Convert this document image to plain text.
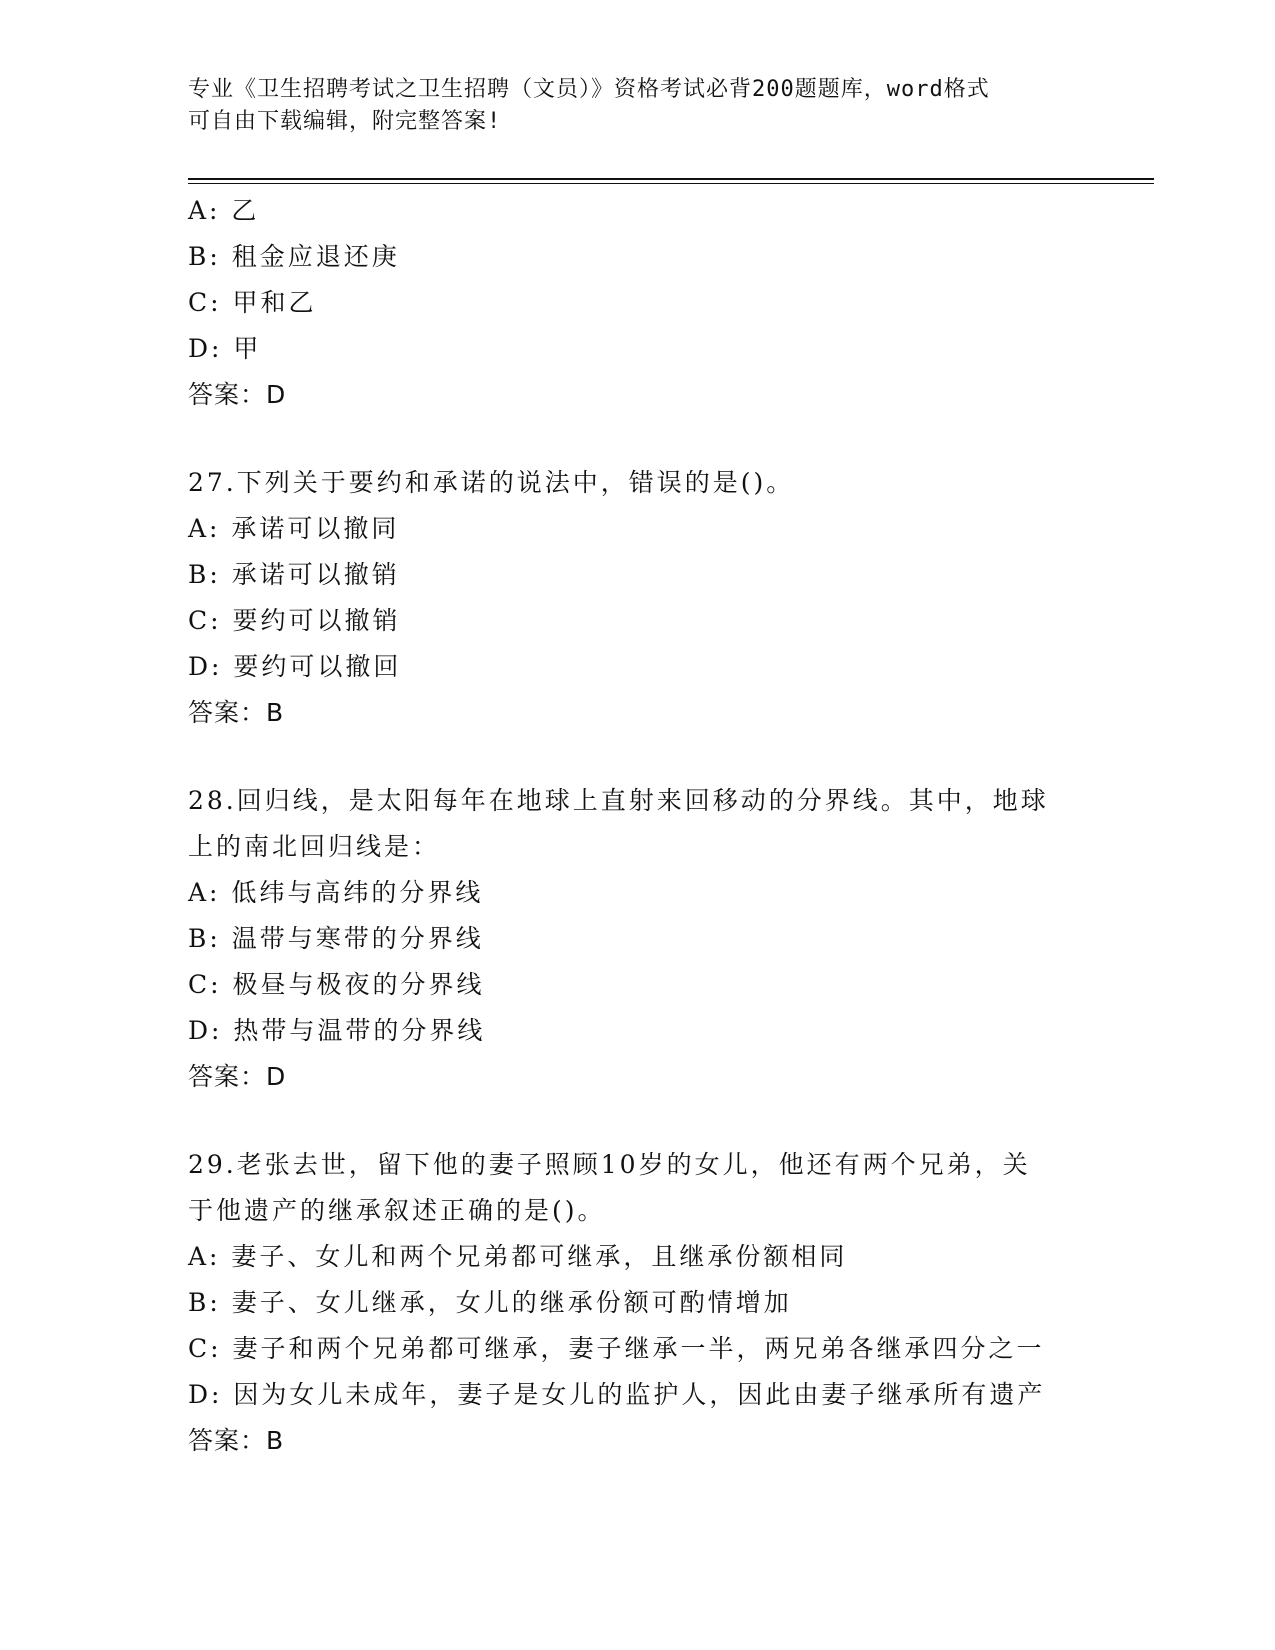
专业《卫生招聘考试之卫生招聘（文员）》资格考试必背200题题库，word格式
可自由下载编辑，附完整答案!
A: 乙
B: 租金应退还庚
C: 甲和乙
D: 甲
答案：D
27.下列关于要约和承诺的说法中，错误的是()。
A: 承诺可以撤同
B: 承诺可以撤销
C: 要约可以撤销
D: 要约可以撤回
答案：B
28.回归线，是太阳每年在地球上直射来回移动的分界线。其中，地球
上的南北回归线是：
A: 低纬与高纬的分界线
B: 温带与寒带的分界线
C: 极昼与极夜的分界线
D: 热带与温带的分界线
答案：D
29.老张去世，留下他的妻子照顾10岁的女儿，他还有两个兄弟，关
于他遗产的继承叙述正确的是()。
A: 妻子、女儿和两个兄弟都可继承，且继承份额相同
B: 妻子、女儿继承，女儿的继承份额可酌情增加
C: 妻子和两个兄弟都可继承，妻子继承一半，两兄弟各继承四分之一
D: 因为女儿未成年，妻子是女儿的监护人，因此由妻子继承所有遗产
答案：B
